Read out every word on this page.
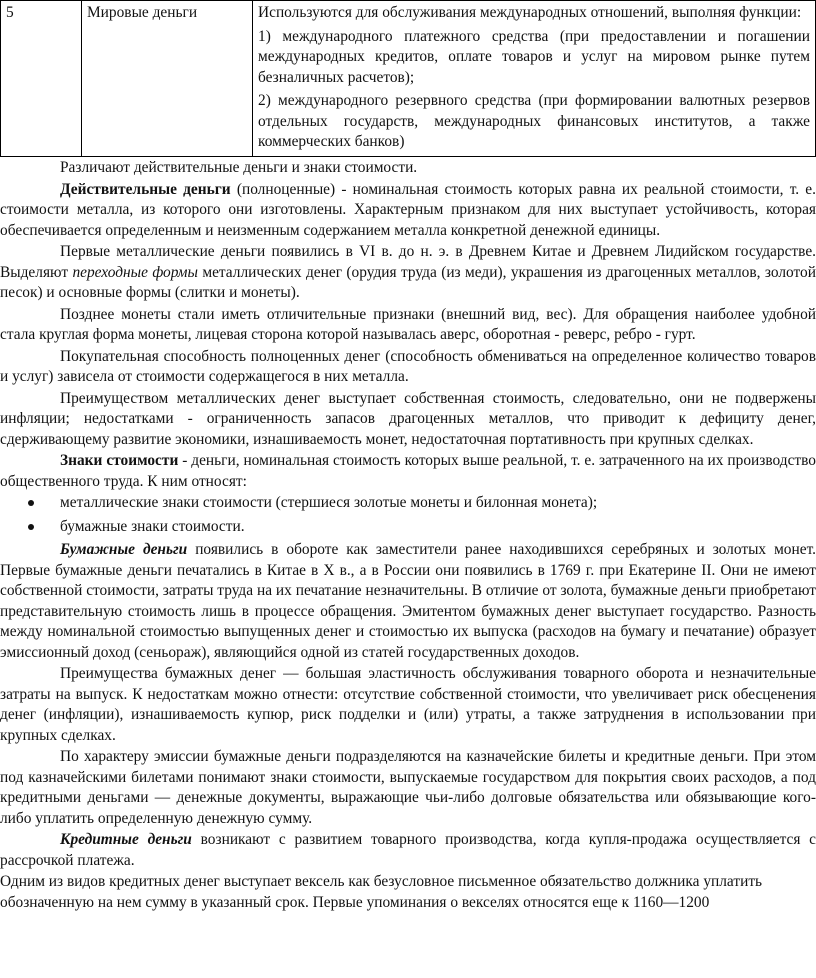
5	Мировые деньги	Используются для обслуживания международных отношений, выполняя функции:

1) международного платежного средства (при предоставлении и погашении международных кредитов, оплате товаров и услуг на мировом рынке путем безналичных расчетов);

2) международного резервного средства (при формировании валютных резервов отдельных государств, международных финансовых институтов, а также коммерческих банков)

Различают действительные деньги и знаки стоимости.

Действительные деньги (полноценные) - номинальная стоимость которых равна их реальной стоимости, т. е. стоимости металла, из которого они изготовлены. Характерным признаком для них выступает устойчивость, которая обеспечивается определенным и неизменным содержанием металла конкретной денежной единицы.

Первые металлические деньги появились в VI в. до н. э. в Древнем Китае и Древнем Лидийском государстве. Выделяют переходные формы металлических денег (орудия труда (из меди), украшения из драгоценных металлов, золотой песок) и основные формы (слитки и монеты).

Позднее монеты стали иметь отличительные признаки (внешний вид, вес). Для обращения наиболее удобной стала круглая форма монеты, лицевая сторона которой называлась аверс, оборотная - реверс, ребро - гурт.

Покупательная способность полноценных денег (способность обмениваться на определенное количество товаров и услуг) зависела от стоимости содержащегося в них металла.

Преимуществом металлических денег выступает собственная стоимость, следовательно, они не подвержены инфляции; недостатками - ограниченность запасов драгоценных металлов, что приводит к дефициту денег, сдерживающему развитие экономики, изнашиваемость монет, недостаточная портативность при крупных сделках.

Знаки стоимости - деньги, номинальная стоимость которых выше реальной, т. е. затраченного на их производство общественного труда. К ним относят:

металлические знаки стоимости (стершиеся золотые монеты и билонная монета);
бумажные знаки стоимости.

Бумажные деньги появились в обороте как заместители ранее находившихся серебряных и золотых монет. Первые бумажные деньги печатались в Китае в X в., а в России они появились в 1769 г. при Екатерине II. Они не имеют собственной стоимости, затраты труда на их печатание незначительны. В отличие от золота, бумажные деньги приобретают представительную стоимость лишь в процессе обращения. Эмитентом бумажных денег выступает государство. Разность между номинальной стоимостью выпущенных денег и стоимостью их выпуска (расходов на бумагу и печатание) образует эмиссионный доход (сеньораж), являющийся одной из статей государственных доходов.

Преимущества бумажных денег — большая эластичность обслуживания товарного оборота и незначительные затраты на выпуск. К недостаткам можно отнести: отсутствие собственной стоимости, что увеличивает риск обесценения денег (инфляции), изнашиваемость купюр, риск подделки и (или) утраты, а также затруднения в использовании при крупных сделках.

По характеру эмиссии бумажные деньги подразделяются на казначейские билеты и кредитные деньги. При этом под казначейскими билетами понимают знаки стоимости, выпускаемые государством для покрытия своих расходов, а под кредитными деньгами — денежные документы, выражающие чьи-либо долговые обязательства или обязывающие кого-либо уплатить определенную денежную сумму.

Кредитные деньги возникают с развитием товарного производства, когда купля-продажа осуществляется с рассрочкой платежа.

Одним из видов кредитных денег выступает вексель как безусловное письменное обязательство должника уплатить обозначенную на нем сумму в указанный срок. Первые упоминания о векселях относятся еще к 1160—1200
